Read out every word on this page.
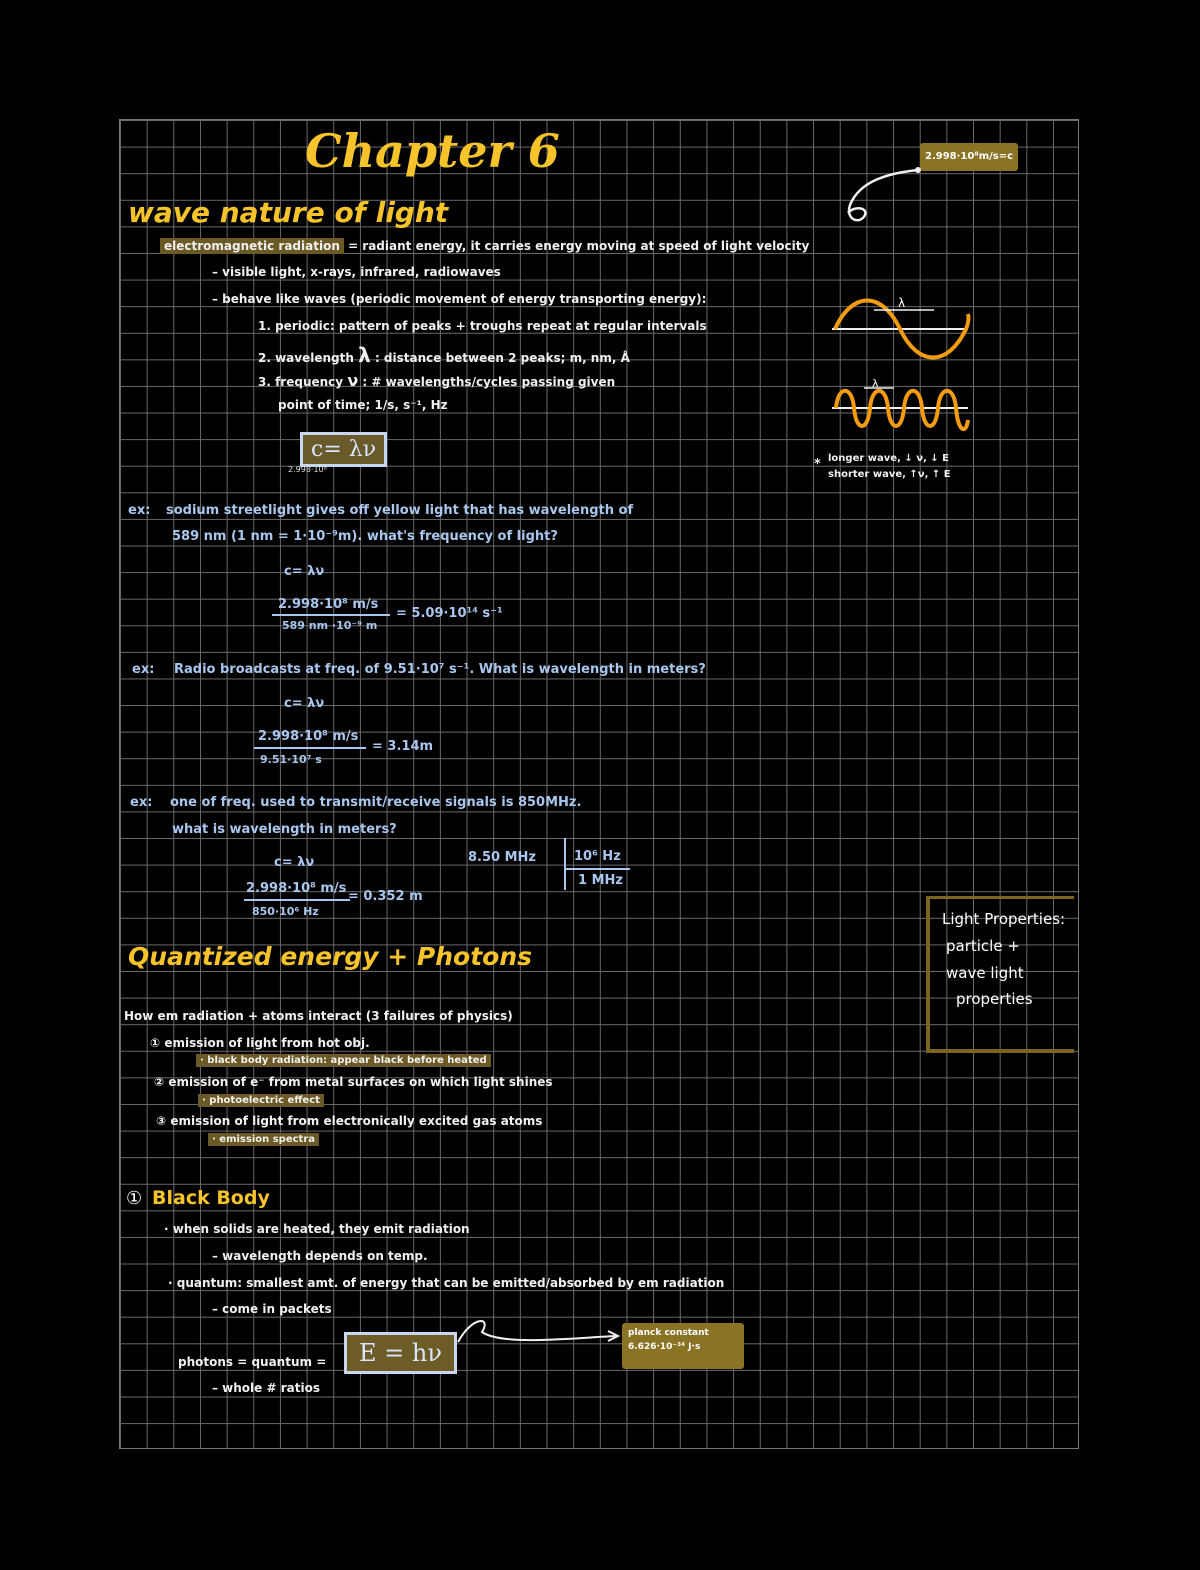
Chapter 6	2.998·10⁸m/s=c
wave nature of light
electromagnetic radiation = radiant energy, it carries energy moving at speed of light velocity
– visible light, x-rays, infrared, radiowaves
– behave like waves (periodic movement of energy transporting energy):
1. periodic: pattern of peaks + troughs repeat at regular intervals
2. wavelength λ : distance between 2 peaks; m, nm, Å
3. frequency ν : # wavelengths/cycles passing given
point of time; 1/s, s⁻¹, Hz
c= λν
2.998·10⁸
λ
λ
* longer wave, ↓ ν, ↓ E
shorter wave, ↑ν, ↑ E
ex: sodium streetlight gives off yellow light that has wavelength of
589 nm (1 nm = 1·10⁻⁹m). what's frequency of light?
c= λν
2.998·10⁸ m/s
589 nm ·10⁻⁹ m
= 5.09·10¹⁴ s⁻¹
ex: Radio broadcasts at freq. of 9.51·10⁷ s⁻¹. What is wavelength in meters?
c= λν
2.998·10⁸ m/s
9.51·10⁷ s
= 3.14m
ex: one of freq. used to transmit/receive signals is 850MHz.
what is wavelength in meters?
c= λν
2.998·10⁸ m/s
850·10⁶ Hz
= 0.352 m
8.50 MHz	10⁶ Hz
1 MHz
Light Properties:
particle +
wave light
properties
Quantized energy + Photons
How em radiation + atoms interact (3 failures of physics)
① emission of light from hot obj.
· black body radiation: appear black before heated
② emission of e⁻ from metal surfaces on which light shines
· photoelectric effect
③ emission of light from electronically excited gas atoms
· emission spectra
① Black Body
· when solids are heated, they emit radiation
– wavelength depends on temp.
· quantum: smallest amt. of energy that can be emitted/absorbed by em radiation
– come in packets
photons = quantum =	E = hν
– whole # ratios
planck constant
6.626·10⁻³⁴ J·s
